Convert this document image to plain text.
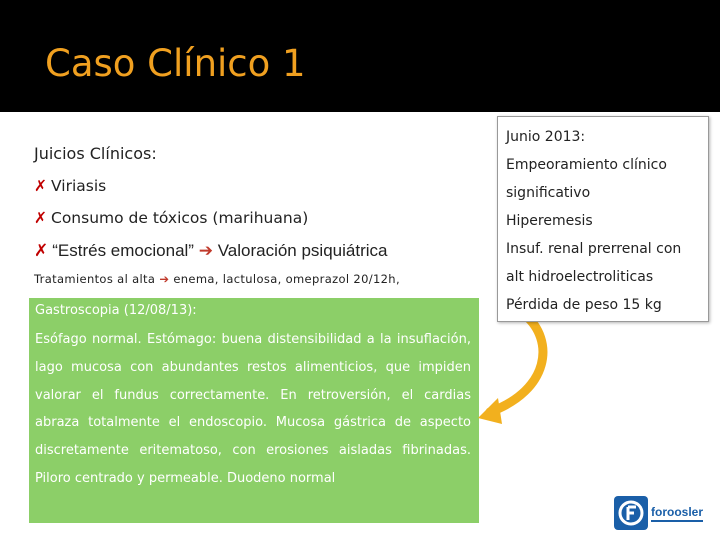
Caso Clínico 1
Juicios Clínicos:
✗ Viriasis
✗ Consumo de tóxicos (marihuana)
✗ “Estrés emocional” ➔ Valoración psiquiátrica
Tratamientos al alta ➔ enema, lactulosa, omeprazol 20/12h,
Gastroscopia (12/08/13):
Esófago normal. Estómago: buena distensibilidad a la insuflación, lago mucosa con abundantes restos alimenticios, que impiden valorar el fundus correctamente. En retroversión, el cardias abraza totalmente el endoscopio. Mucosa gástrica de aspecto discretamente eritematoso, con erosiones aisladas fibrinadas. Piloro centrado y permeable. Duodeno normal
Junio 2013:
Empeoramiento clínico
significativo
Hiperemesis
Insuf. renal prerrenal con
alt hidroelectroliticas
Pérdida de peso 15 kg
foroosler
